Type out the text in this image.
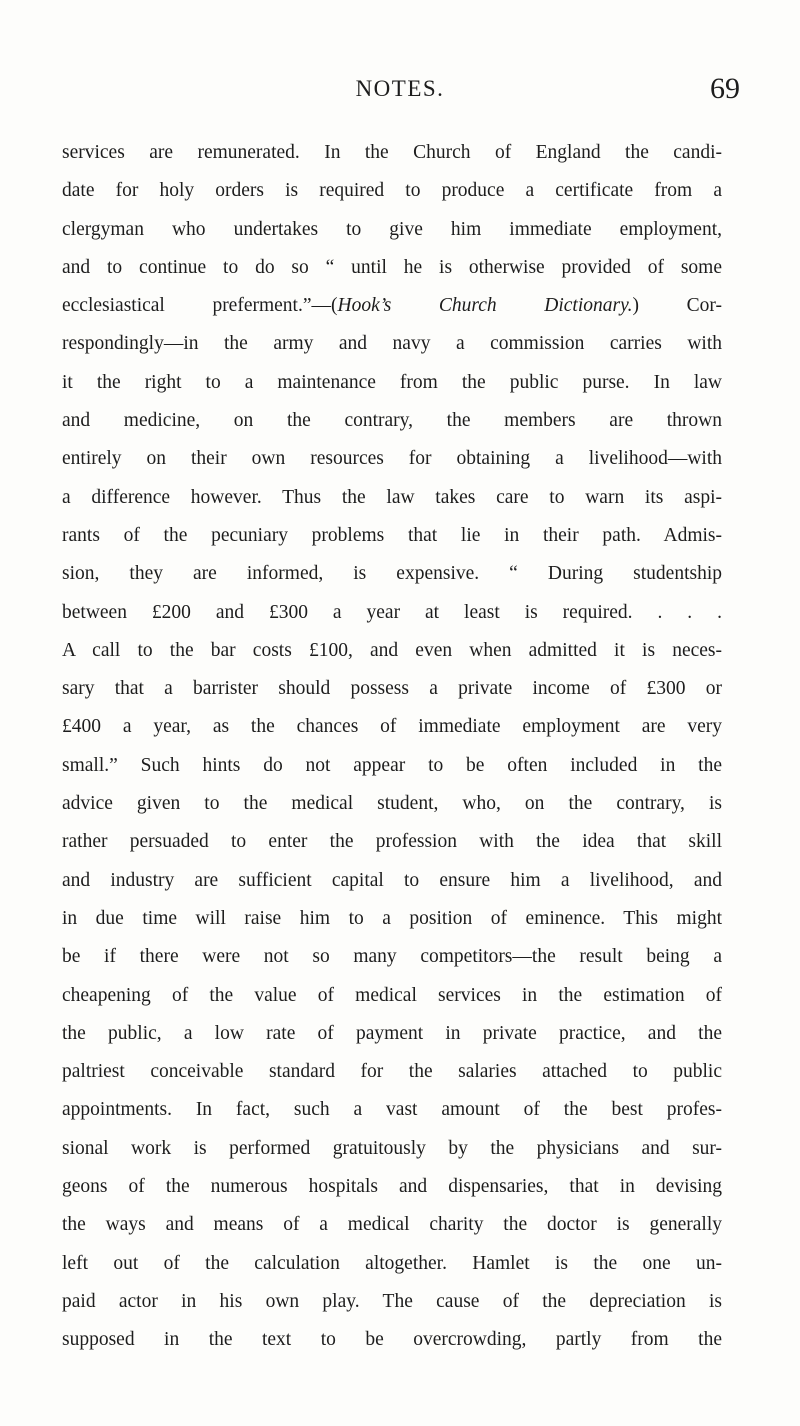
NOTES.	69
services are remunerated. In the Church of England the candi-
date for holy orders is required to produce a certificate from a
clergyman who undertakes to give him immediate employment,
and to continue to do so “ until he is otherwise provided of some
ecclesiastical preferment.”—(Hook’s Church Dictionary.) Cor-
respondingly—in the army and navy a commission carries with
it the right to a maintenance from the public purse. In law
and medicine, on the contrary, the members are thrown
entirely on their own resources for obtaining a livelihood—with
a difference however. Thus the law takes care to warn its aspi-
rants of the pecuniary problems that lie in their path. Admis-
sion, they are informed, is expensive. “ During studentship
between £200 and £300 a year at least is required. . . .
A call to the bar costs £100, and even when admitted it is neces-
sary that a barrister should possess a private income of £300 or
£400 a year, as the chances of immediate employment are very
small.” Such hints do not appear to be often included in the
advice given to the medical student, who, on the contrary, is
rather persuaded to enter the profession with the idea that skill
and industry are sufficient capital to ensure him a livelihood, and
in due time will raise him to a position of eminence. This might
be if there were not so many competitors—the result being a
cheapening of the value of medical services in the estimation of
the public, a low rate of payment in private practice, and the
paltriest conceivable standard for the salaries attached to public
appointments. In fact, such a vast amount of the best profes-
sional work is performed gratuitously by the physicians and sur-
geons of the numerous hospitals and dispensaries, that in devising
the ways and means of a medical charity the doctor is generally
left out of the calculation altogether. Hamlet is the one un-
paid actor in his own play. The cause of the depreciation is
supposed in the text to be overcrowding, partly from the
